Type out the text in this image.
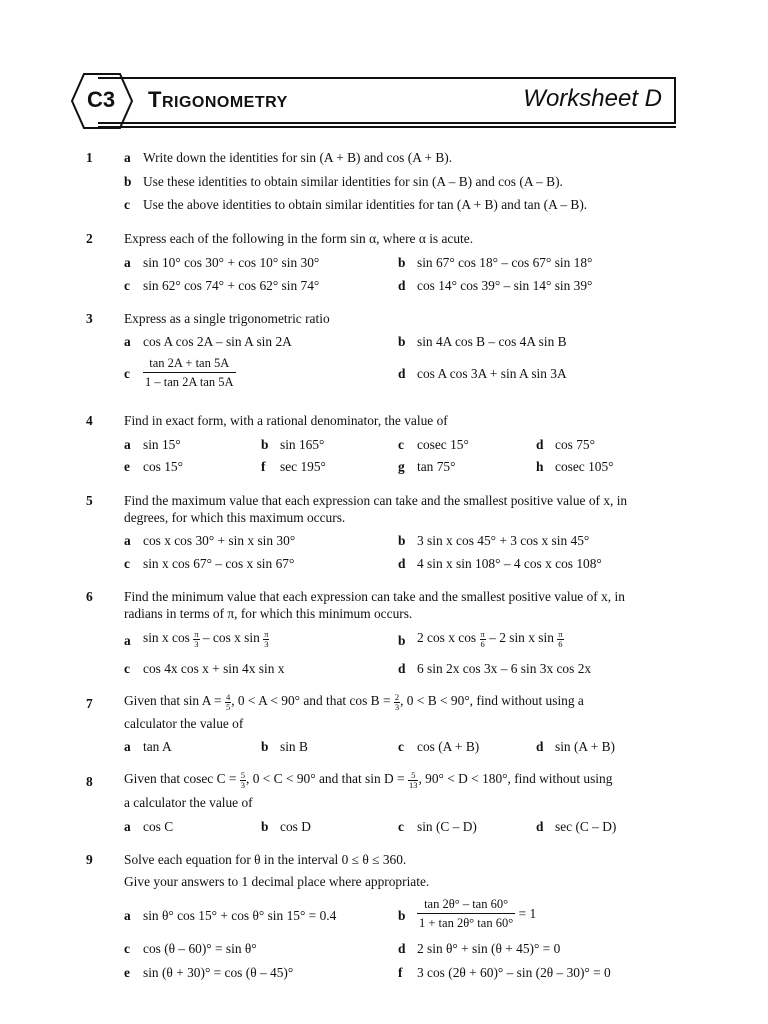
C3 TRIGONOMETRY	Worksheet D
1 a Write down the identities for sin (A + B) and cos (A + B).
b Use these identities to obtain similar identities for sin (A – B) and cos (A – B).
c Use the above identities to obtain similar identities for tan (A + B) and tan (A – B).
2 Express each of the following in the form sin α, where α is acute.
a sin 10° cos 30° + cos 10° sin 30°	b sin 67° cos 18° – cos 67° sin 18°
c sin 62° cos 74° + cos 62° sin 74°	d cos 14° cos 39° – sin 14° sin 39°
3 Express as a single trigonometric ratio
a cos A cos 2A – sin A sin 2A	b sin 4A cos B – cos 4A sin B
c $\frac{\tan 2A + \tan 5A}{\text{1 – tan 2A tan 5A}}$	d cos A cos 3A + sin A sin 3A
4 Find in exact form, with a rational denominator, the value of
a sin 15°	b sin 165°	c cosec 15°	d cos 75°
e cos 15°	f sec 195°	g tan 75°	h cosec 105°
5 Find the maximum value that each expression can take and the smallest positive value of x, in
degrees, for which this maximum occurs.
a cos x cos 30° + sin x sin 30°	b 3 sin x cos 45° + 3 cos x sin 45°
c sin x cos 67° – cos x sin 67°	d 4 sin x sin 108° – 4 cos x cos 108°
6 Find the minimum value that each expression can take and the smallest positive value of x, in
radians in terms of π, for which this minimum occurs.
a sin x $\cos \frac{\pi}{3}$ – cos x $\sin \frac{\pi}{3}$	b 2 cos x $\cos \frac{\pi}{6} - 2$ sin x $\sin \frac{\pi}{6}$
c cos 4x cos x + sin 4x sin x	d 6 sin 2x cos 3x – 6 sin 3x cos 2x
7 Given that $\sin A = \frac{4}{5}$ , 0 < A < 90° and that $\cos B = \frac{2}{3}$ , 0 < B < 90°, find without using a
calculator the value of
a tan A	b sin B	c cos (A + B)	d sin (A + B)
8 Given that cosec $C = \frac{5}{3}$ , 0 < C < 90° and that $\sin D = \frac{5}{13}$ , 90° < D < 180°, find without using
a calculator the value of
a cos C	b cos D	c sin (C – D)	d sec (C – D)
9 Solve each equation for θ in the interval 0 ≤ θ ≤ 360.
Give your answers to 1 decimal place where appropriate.
a sin θ° cos 15° + cos θ° sin 15° = 0.4	b $\frac{\tan 2\theta^\circ - \tan 60^\circ}{1 + \tan 2\theta^\circ \tan 60^\circ} = 1$
c cos (θ – 60)° = sin θ°	d 2 sin θ° + sin (θ + 45)° = 0
e sin (θ + 30)° = cos (θ – 45)°	f 3 cos (2θ + 60)° – sin (2θ – 30)° = 0
